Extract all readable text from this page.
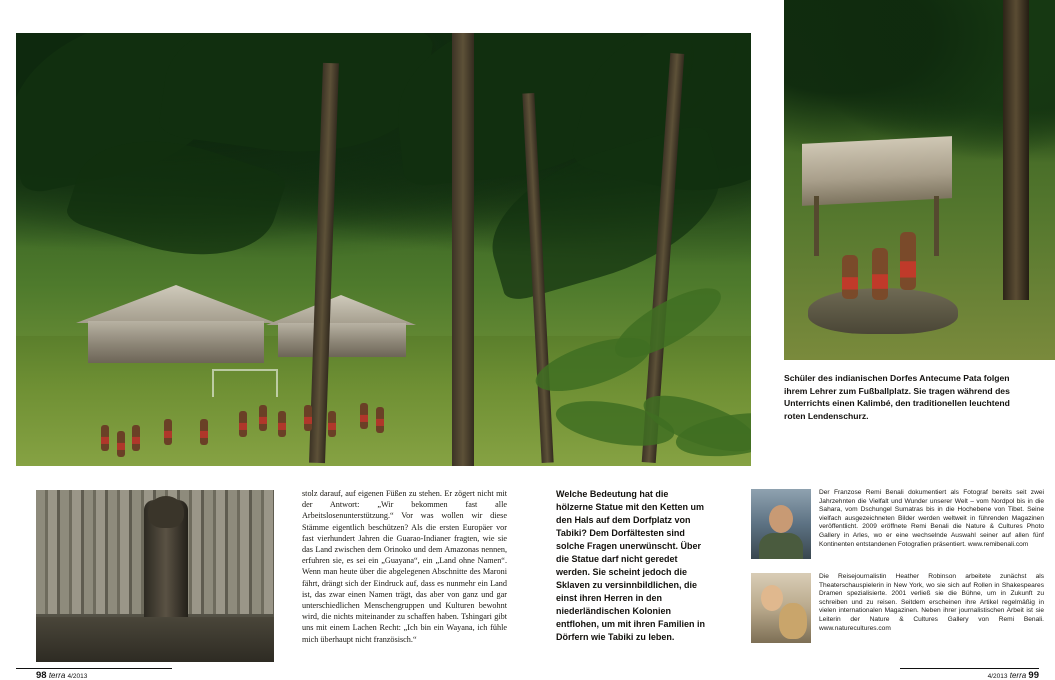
Schüler des indianischen Dorfes Antecume Pata folgen ihrem Lehrer zum Fußballplatz. Sie tragen während des Unterrichts einen Kalimbé, den traditionellen leuchtend roten Lendenschurz.
stolz darauf, auf eigenen Füßen zu stehen. Er zögert nicht mit der Antwort: „Wir bekommen fast alle Arbeitslosenunterstützung.“ Vor was wollen wir diese Stämme eigentlich beschützen? Als die ersten Europäer vor fast vierhundert Jahren die Guarao-Indianer fragten, wie sie das Land zwischen dem Orinoko und dem Amazonas nennen, erfuhren sie, es sei ein „Guayana“, ein „Land ohne Namen“. Wenn man heute über die abgelegenen Abschnitte des Maroni fährt, drängt sich der Eindruck auf, dass es nunmehr ein Land ist, das zwar einen Namen trägt, das aber von ganz und gar unterschiedlichen Menschengruppen und Kulturen bewohnt wird, die nichts miteinander zu schaffen haben. Tshingari gibt uns mit einem Lachen Recht: „Ich bin ein Wayana, ich fühle mich überhaupt nicht französisch.“
Welche Bedeutung hat die hölzerne Statue mit den Ketten um den Hals auf dem Dorfplatz von Tabiki? Dem Dorfältesten sind solche Fragen unerwünscht. Über die Statue darf nicht geredet werden. Sie scheint jedoch die Sklaven zu versinnbildlichen, die einst ihren Herren in den niederländischen Kolonien entflohen, um mit ihren Familien in Dörfern wie Tabiki zu leben.
Der Franzose Remi Benali dokumentiert als Fotograf bereits seit zwei Jahrzehnten die Vielfalt und Wunder unserer Welt – vom Nordpol bis in die Sahara, vom Dschungel Sumatras bis in die Hochebene von Tibet. Seine vielfach ausgezeichneten Bilder werden weltweit in führenden Magazinen veröffentlicht. 2009 eröffnete Remi Benali die Nature & Cultures Photo Gallery in Arles, wo er eine wechselnde Auswahl seiner auf allen fünf Kontinenten entstandenen Fotografien präsentiert. www.remibenali.com
Die Reisejournalistin Heather Robinson arbeitete zunächst als Theaterschauspielerin in New York, wo sie sich auf Rollen in Shakespeares Dramen spezialisierte. 2001 verließ sie die Bühne, um in Zukunft zu schreiben und zu reisen. Seitdem erscheinen ihre Artikel regelmäßig in vielen internationalen Magazinen. Neben ihrer journalistischen Arbeit ist sie Leiterin der Nature & Cultures Gallery von Remi Benali. www.naturecultures.com
98 terra 4/2013	4/2013 terra 99
